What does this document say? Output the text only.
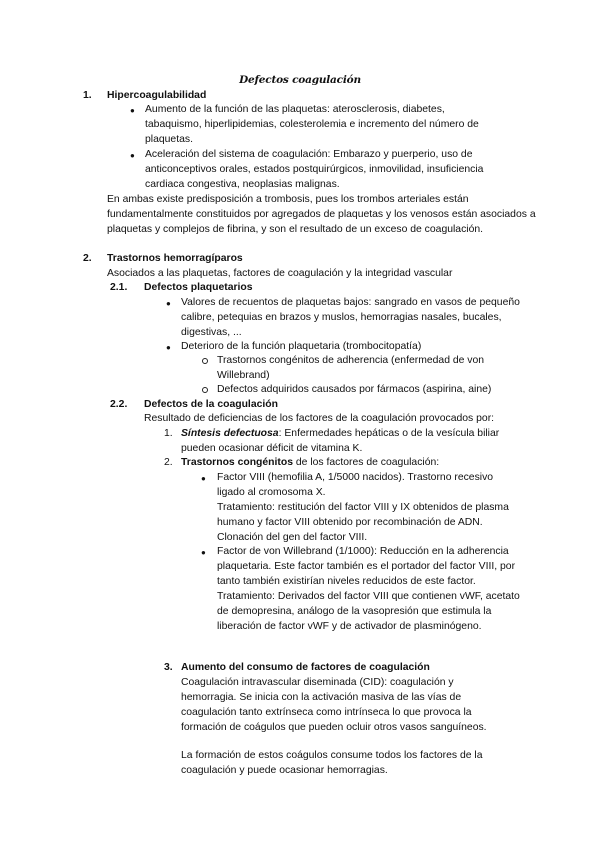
Defectos coagulación
1. Hipercoagulabilidad
● Aumento de la función de las plaquetas: aterosclerosis, diabetes, tabaquismo, hiperlipidemias, colesterolemia e incremento del número de plaquetas.
● Aceleración del sistema de coagulación: Embarazo y puerperio, uso de anticonceptivos orales, estados postquirúrgicos, inmovilidad, insuficiencia cardiaca congestiva, neoplasias malignas.
En ambas existe predisposición a trombosis, pues los trombos arteriales están fundamentalmente constituidos por agregados de plaquetas y los venosos están asociados a plaquetas y complejos de fibrina, y son el resultado de un exceso de coagulación.
2. Trastornos hemorragíparos
Asociados a las plaquetas, factores de coagulación y la integridad vascular
2.1. Defectos plaquetarios
● Valores de recuentos de plaquetas bajos: sangrado en vasos de pequeño calibre, petequias en brazos y muslos, hemorragias nasales, bucales, digestivas, ...
● Deterioro de la función plaquetaria (trombocitopatía)
Trastornos congénitos de adherencia (enfermedad de von Willebrand)
Defectos adquiridos causados por fármacos (aspirina, aine)
2.2. Defectos de la coagulación
Resultado de deficiencias de los factores de la coagulación provocados por:
1. Síntesis defectuosa: Enfermedades hepáticas o de la vesícula biliar pueden ocasionar déficit de vitamina K.
2. Trastornos congénitos de los factores de coagulación:
● Factor VIII (hemofilia A, 1/5000 nacidos). Trastorno recesivo ligado al cromosoma X.
Tratamiento: restitución del factor VIII y IX obtenidos de plasma humano y factor VIII obtenido por recombinación de ADN. Clonación del gen del factor VIII.
● Factor de von Willebrand (1/1000): Reducción en la adherencia plaquetaria. Este factor también es el portador del factor VIII, por tanto también existirían niveles reducidos de este factor.
Tratamiento: Derivados del factor VIII que contienen vWF, acetato de demopresina, análogo de la vasopresión que estimula la liberación de factor vWF y de activador de plasminógeno.
3. Aumento del consumo de factores de coagulación
Coagulación intravascular diseminada (CID): coagulación y hemorragia. Se inicia con la activación masiva de las vías de coagulación tanto extrínseca como intrínseca lo que provoca la formación de coágulos que pueden ocluir otros vasos sanguíneos.
La formación de estos coágulos consume todos los factores de la coagulación y puede ocasionar hemorragias.
